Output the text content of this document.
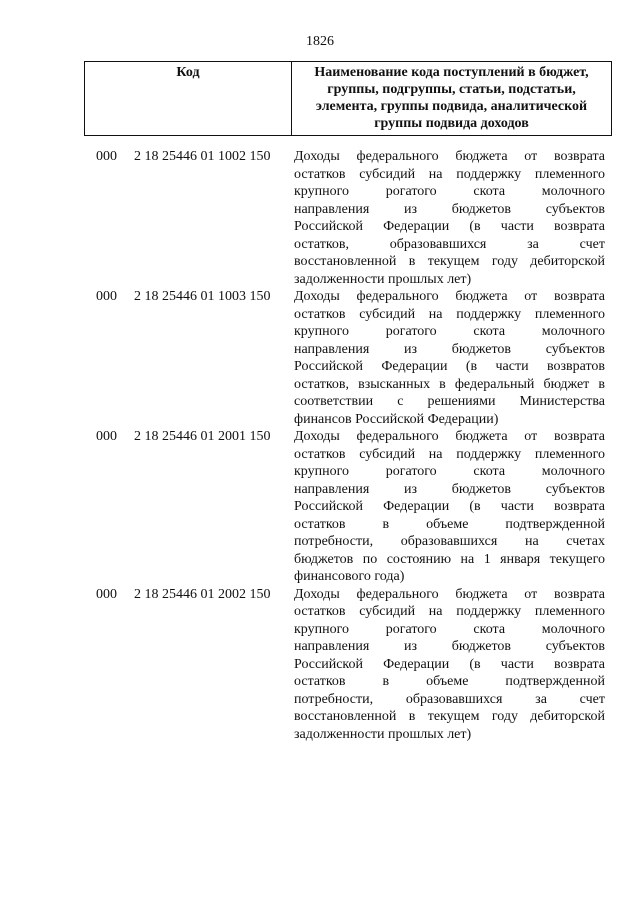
1826
Код	Наименование кода поступлений в бюджет,
группы, подгруппы, статьи, подстатьи,
элемента, группы подвида, аналитической
группы подвида доходов
000	2 18 25446 01 1002 150	Доходы федерального бюджета от возврата
остатков субсидий на поддержку племенного
крупного рогатого скота молочного
направления из бюджетов субъектов
Российской Федерации (в части возврата
остатков, образовавшихся за счет
восстановленной в текущем году дебиторской
задолженности прошлых лет)
000	2 18 25446 01 1003 150	Доходы федерального бюджета от возврата
остатков субсидий на поддержку племенного
крупного рогатого скота молочного
направления из бюджетов субъектов
Российской Федерации (в части возвратов
остатков, взысканных в федеральный бюджет в
соответствии с решениями Министерства
финансов Российской Федерации)
000	2 18 25446 01 2001 150	Доходы федерального бюджета от возврата
остатков субсидий на поддержку племенного
крупного рогатого скота молочного
направления из бюджетов субъектов
Российской Федерации (в части возврата
остатков в объеме подтвержденной
потребности, образовавшихся на счетах
бюджетов по состоянию на 1 января текущего
финансового года)
000	2 18 25446 01 2002 150	Доходы федерального бюджета от возврата
остатков субсидий на поддержку племенного
крупного рогатого скота молочного
направления из бюджетов субъектов
Российской Федерации (в части возврата
остатков в объеме подтвержденной
потребности, образовавшихся за счет
восстановленной в текущем году дебиторской
задолженности прошлых лет)
